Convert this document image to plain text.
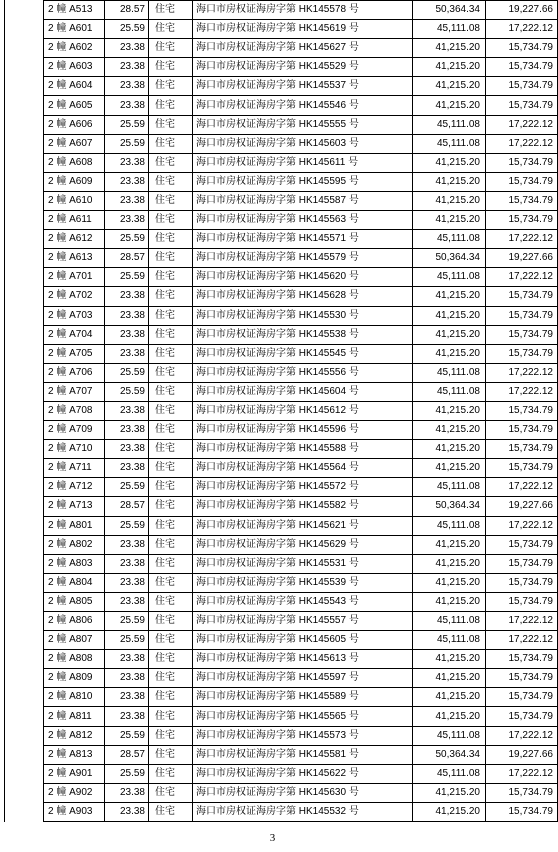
2 幢 A513	28.57	住宅	海口市房权证海房字第 HK145578 号	50,364.34	19,227.66
2 幢 A601	25.59	住宅	海口市房权证海房字第 HK145619 号	45,111.08	17,222.12
2 幢 A602	23.38	住宅	海口市房权证海房字第 HK145627 号	41,215.20	15,734.79
2 幢 A603	23.38	住宅	海口市房权证海房字第 HK145529 号	41,215.20	15,734.79
2 幢 A604	23.38	住宅	海口市房权证海房字第 HK145537 号	41,215.20	15,734.79
2 幢 A605	23.38	住宅	海口市房权证海房字第 HK145546 号	41,215.20	15,734.79
2 幢 A606	25.59	住宅	海口市房权证海房字第 HK145555 号	45,111.08	17,222.12
2 幢 A607	25.59	住宅	海口市房权证海房字第 HK145603 号	45,111.08	17,222.12
2 幢 A608	23.38	住宅	海口市房权证海房字第 HK145611 号	41,215.20	15,734.79
2 幢 A609	23.38	住宅	海口市房权证海房字第 HK145595 号	41,215.20	15,734.79
2 幢 A610	23.38	住宅	海口市房权证海房字第 HK145587 号	41,215.20	15,734.79
2 幢 A611	23.38	住宅	海口市房权证海房字第 HK145563 号	41,215.20	15,734.79
2 幢 A612	25.59	住宅	海口市房权证海房字第 HK145571 号	45,111.08	17,222.12
2 幢 A613	28.57	住宅	海口市房权证海房字第 HK145579 号	50,364.34	19,227.66
2 幢 A701	25.59	住宅	海口市房权证海房字第 HK145620 号	45,111.08	17,222.12
2 幢 A702	23.38	住宅	海口市房权证海房字第 HK145628 号	41,215.20	15,734.79
2 幢 A703	23.38	住宅	海口市房权证海房字第 HK145530 号	41,215.20	15,734.79
2 幢 A704	23.38	住宅	海口市房权证海房字第 HK145538 号	41,215.20	15,734.79
2 幢 A705	23.38	住宅	海口市房权证海房字第 HK145545 号	41,215.20	15,734.79
2 幢 A706	25.59	住宅	海口市房权证海房字第 HK145556 号	45,111.08	17,222.12
2 幢 A707	25.59	住宅	海口市房权证海房字第 HK145604 号	45,111.08	17,222.12
2 幢 A708	23.38	住宅	海口市房权证海房字第 HK145612 号	41,215.20	15,734.79
2 幢 A709	23.38	住宅	海口市房权证海房字第 HK145596 号	41,215.20	15,734.79
2 幢 A710	23.38	住宅	海口市房权证海房字第 HK145588 号	41,215.20	15,734.79
2 幢 A711	23.38	住宅	海口市房权证海房字第 HK145564 号	41,215.20	15,734.79
2 幢 A712	25.59	住宅	海口市房权证海房字第 HK145572 号	45,111.08	17,222.12
2 幢 A713	28.57	住宅	海口市房权证海房字第 HK145582 号	50,364.34	19,227.66
2 幢 A801	25.59	住宅	海口市房权证海房字第 HK145621 号	45,111.08	17,222.12
2 幢 A802	23.38	住宅	海口市房权证海房字第 HK145629 号	41,215.20	15,734.79
2 幢 A803	23.38	住宅	海口市房权证海房字第 HK145531 号	41,215.20	15,734.79
2 幢 A804	23.38	住宅	海口市房权证海房字第 HK145539 号	41,215.20	15,734.79
2 幢 A805	23.38	住宅	海口市房权证海房字第 HK145543 号	41,215.20	15,734.79
2 幢 A806	25.59	住宅	海口市房权证海房字第 HK145557 号	45,111.08	17,222.12
2 幢 A807	25.59	住宅	海口市房权证海房字第 HK145605 号	45,111.08	17,222.12
2 幢 A808	23.38	住宅	海口市房权证海房字第 HK145613 号	41,215.20	15,734.79
2 幢 A809	23.38	住宅	海口市房权证海房字第 HK145597 号	41,215.20	15,734.79
2 幢 A810	23.38	住宅	海口市房权证海房字第 HK145589 号	41,215.20	15,734.79
2 幢 A811	23.38	住宅	海口市房权证海房字第 HK145565 号	41,215.20	15,734.79
2 幢 A812	25.59	住宅	海口市房权证海房字第 HK145573 号	45,111.08	17,222.12
2 幢 A813	28.57	住宅	海口市房权证海房字第 HK145581 号	50,364.34	19,227.66
2 幢 A901	25.59	住宅	海口市房权证海房字第 HK145622 号	45,111.08	17,222.12
2 幢 A902	23.38	住宅	海口市房权证海房字第 HK145630 号	41,215.20	15,734.79
2 幢 A903	23.38	住宅	海口市房权证海房字第 HK145532 号	41,215.20	15,734.79
3
